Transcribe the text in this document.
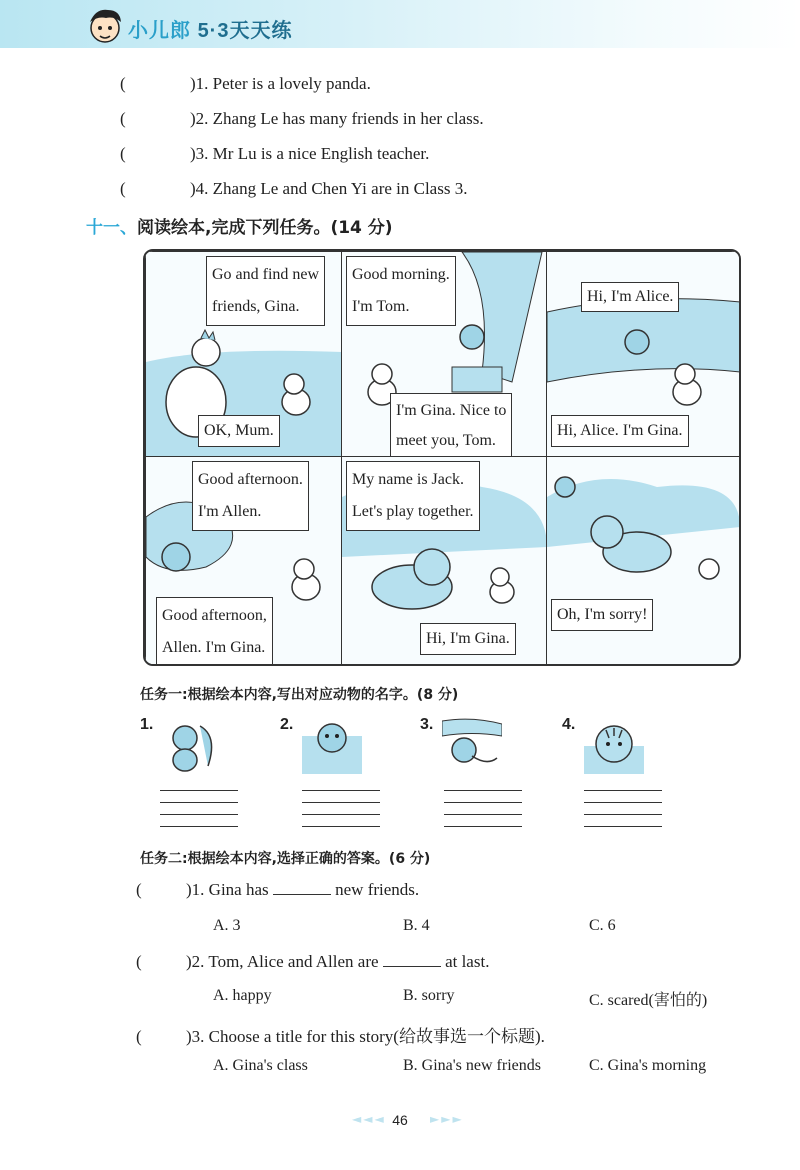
小儿郎 5·3天天练
(	)1. Peter is a lovely panda.
(	)2. Zhang Le has many friends in her class.
(	)3. Mr Lu is a nice English teacher.
(	)4. Zhang Le and Chen Yi are in Class 3.
十一、阅读绘本,完成下列任务。(14 分)
Go and find new
friends, Gina.
OK, Mum.
Good morning.
I'm Tom.
I'm Gina. Nice to
meet you, Tom.
Hi, I'm Alice.
Hi, Alice. I'm Gina.
Good afternoon.
I'm Allen.
Good afternoon,
Allen. I'm Gina.
My name is Jack.
Let's play together.
Hi, I'm Gina.
Oh, I'm sorry!
任务一:根据绘本内容,写出对应动物的名字。(8 分)
1.	2.	3.	4.
任务二:根据绘本内容,选择正确的答案。(6 分)
(	)1. Gina has	new friends.
A. 3	B. 4	C. 6
(	)2. Tom, Alice and Allen are	at last.
A. happy	B. sorry	C. scared(害怕的)
(	)3. Choose a title for this story(给故事选一个标题).
A. Gina's class	B. Gina's new friends	C. Gina's morning
◄◄◄ 46	►►►
